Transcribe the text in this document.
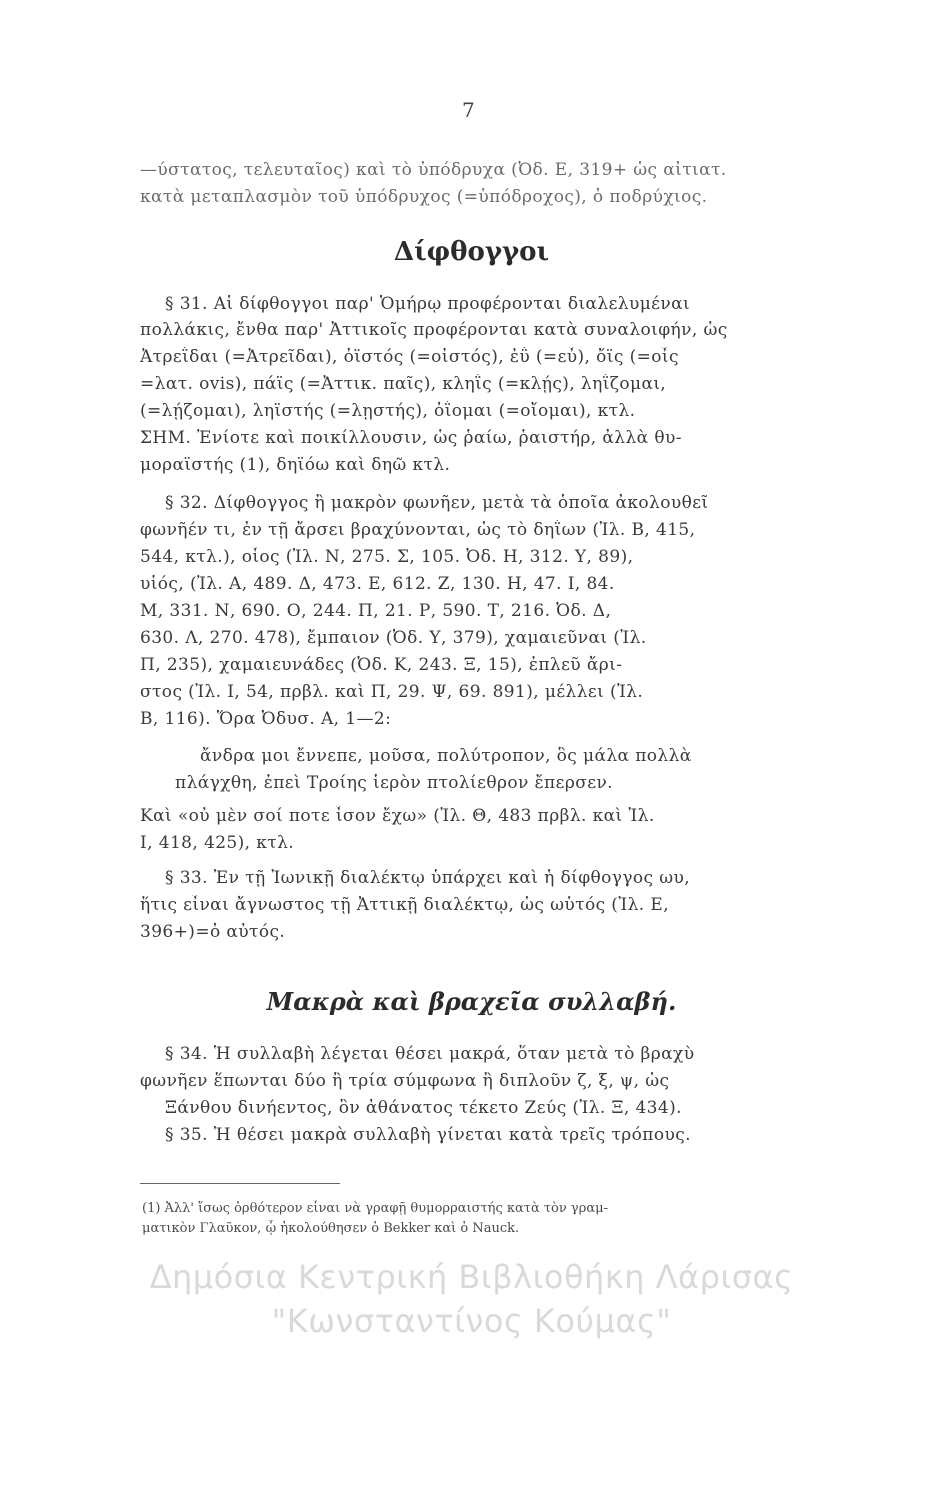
7
—ύστατος, τελευταῖος) καὶ τὸ ὑπόδρυχα (Ὀδ. Ε, 319+ ὡς αἰτιατ.
κατὰ μεταπλασμὸν τοῦ ὑπόδρυχος (=ὑπόδροχος), ὁ ποδρύχιος.
Δίφθογγοι
§ 31. Αἱ δίφθογγοι παρ' Ὁμήρῳ προφέρονται διαλελυμέναι
πολλάκις, ἔνθα παρ' Ἀττικοῖς προφέρονται κατὰ συναλοιφήν, ὡς
Ἀτρεΐδαι (=Ἀτρεῖδαι), ὀϊστός (=οἰστός), ἐΰ (=εὖ), ὄϊς (=οἶς
=λατ. ovis), πάϊς (=Ἀττικ. παῖς), κληΐς (=κλῄς), ληΐζομαι,
(=λῄζομαι), ληϊστής (=λῃστής), ὀΐομαι (=οἴομαι), κτλ.
ΣΗΜ. Ἐνίοτε καὶ ποικίλλουσιν, ὡς ῥαίω, ῥαιστήρ, ἀλλὰ θυ-
μοραϊστής (1), δηϊόω καὶ δηῶ κτλ.
§ 32. Δίφθογγος ἢ μακρὸν φωνῆεν, μετὰ τὰ ὁποῖα ἀκολουθεῖ
φωνῆέν τι, ἐν τῇ ἄρσει βραχύνονται, ὡς τὸ δηΐων (Ἰλ. Β, 415,
544, κτλ.), οἷος (Ἰλ. Ν, 275. Σ, 105. Ὀδ. Η, 312. Υ, 89),
υἱός, (Ἰλ. Α, 489. Δ, 473. Ε, 612. Ζ, 130. Η, 47. Ι, 84.
Μ, 331. Ν, 690. Ο, 244. Π, 21. Ρ, 590. Τ, 216. Ὀδ. Δ,
630. Λ, 270. 478), ἔμπαιον (Ὀδ. Υ, 379), χαμαιεῦναι (Ἰλ.
Π, 235), χαμαιευνάδες (Ὀδ. Κ, 243. Ξ, 15), ἐπλεῦ ἄρι-
στος (Ἰλ. Ι, 54, πρβλ. καὶ Π, 29. Ψ, 69. 891), μέλλει (Ἰλ.
Β, 116). Ὅρα Ὀδυσ. Α, 1—2:
ἄνδρα μοι ἔννεπε, μοῦσα, πολύτροπον, ὃς μάλα πολλὰ
πλάγχθη, ἐπεὶ Τροίης ἱερὸν πτολίεθρον ἔπερσεν.
Καὶ «οὐ μὲν σοί ποτε ἶσον ἔχω» (Ἰλ. Θ, 483 πρβλ. καὶ Ἰλ.
Ι, 418, 425), κτλ.
§ 33. Ἐν τῇ Ἰωνικῇ διαλέκτῳ ὑπάρχει καὶ ἡ δίφθογγος ωυ,
ἥτις εἶναι ἄγνωστος τῇ Ἀττικῇ διαλέκτῳ, ὡς ωὑτός (Ἰλ. Ε,
396+)=ὁ αὐτός.
Μακρὰ καὶ βραχεῖα συλλαβή.
§ 34. Ἡ συλλαβὴ λέγεται θέσει μακρά, ὅταν μετὰ τὸ βραχὺ
φωνῆεν ἕπωνται δύο ἢ τρία σύμφωνα ἢ διπλοῦν ζ, ξ, ψ, ὡς
Ξάνθου δινήεντος, ὃν ἀθάνατος τέκετο Ζεύς (Ἰλ. Ξ, 434).
§ 35. Ἡ θέσει μακρὰ συλλαβὴ γίνεται κατὰ τρεῖς τρόπους.
(1) Ἀλλ' ἴσως ὀρθότερον εἶναι νὰ γραφῇ θυμορραιστής κατὰ τὸν γραμ-
ματικὸν Γλαῦκον, ᾧ ἠκολούθησεν ὁ Bekker καὶ ὁ Nauck.
Δημόσια Κεντρική Βιβλιοθήκη Λάρισας
"Κωνσταντίνος Κούμας"
